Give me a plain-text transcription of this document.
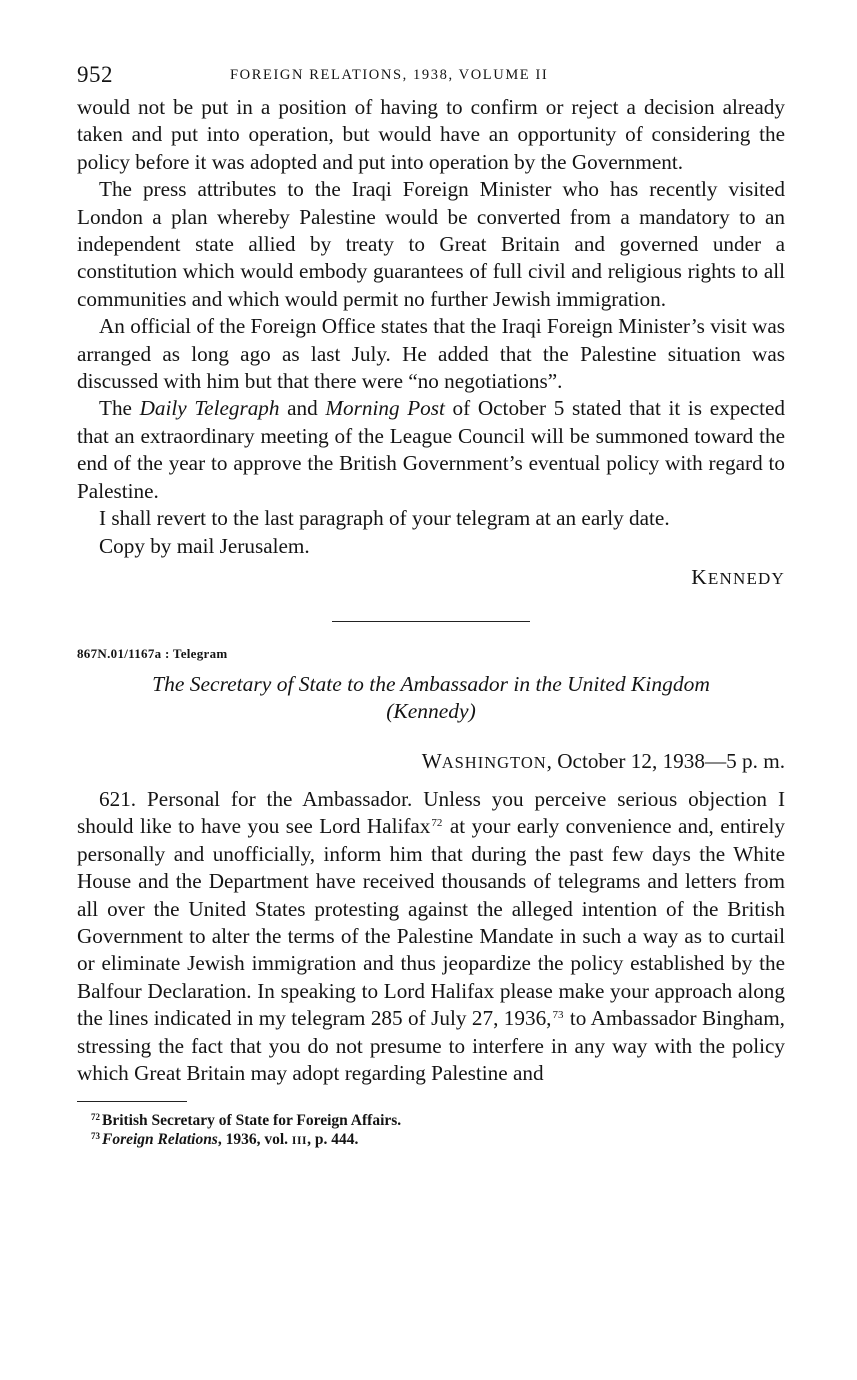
952	FOREIGN RELATIONS, 1938, VOLUME II

would not be put in a position of having to confirm or reject a decision already taken and put into operation, but would have an opportunity of considering the policy before it was adopted and put into operation by the Government.

The press attributes to the Iraqi Foreign Minister who has recently visited London a plan whereby Palestine would be converted from a mandatory to an independent state allied by treaty to Great Britain and governed under a constitution which would embody guarantees of full civil and religious rights to all communities and which would permit no further Jewish immigration.

An official of the Foreign Office states that the Iraqi Foreign Minister’s visit was arranged as long ago as last July. He added that the Palestine situation was discussed with him but that there were “no negotiations”.

The Daily Telegraph and Morning Post of October 5 stated that it is expected that an extraordinary meeting of the League Council will be summoned toward the end of the year to approve the British Government’s eventual policy with regard to Palestine.

I shall revert to the last paragraph of your telegram at an early date.

Copy by mail Jerusalem.

KENNEDY
867N.01/1167a : Telegram
The Secretary of State to the Ambassador in the United Kingdom
(Kennedy)
WASHINGTON, October 12, 1938—5 p. m.

621. Personal for the Ambassador. Unless you perceive serious objection I should like to have you see Lord Halifax$^{72}$ at your early convenience and, entirely personally and unofficially, inform him that during the past few days the White House and the Department have received thousands of telegrams and letters from all over the United States protesting against the alleged intention of the British Government to alter the terms of the Palestine Mandate in such a way as to curtail or eliminate Jewish immigration and thus jeopardize the policy established by the Balfour Declaration. In speaking to Lord Halifax please make your approach along the lines indicated in my telegram 285 of July 27, 1936,73 to Ambassador Bingham, stressing the fact that you do not presume to interfere in any way with the policy which Great Britain may adopt regarding Palestine and

$^{72}$ British Secretary of State for Foreign Affairs.
$^{73}$ Foreign Relations, 1936, vol. III, p. 444.
